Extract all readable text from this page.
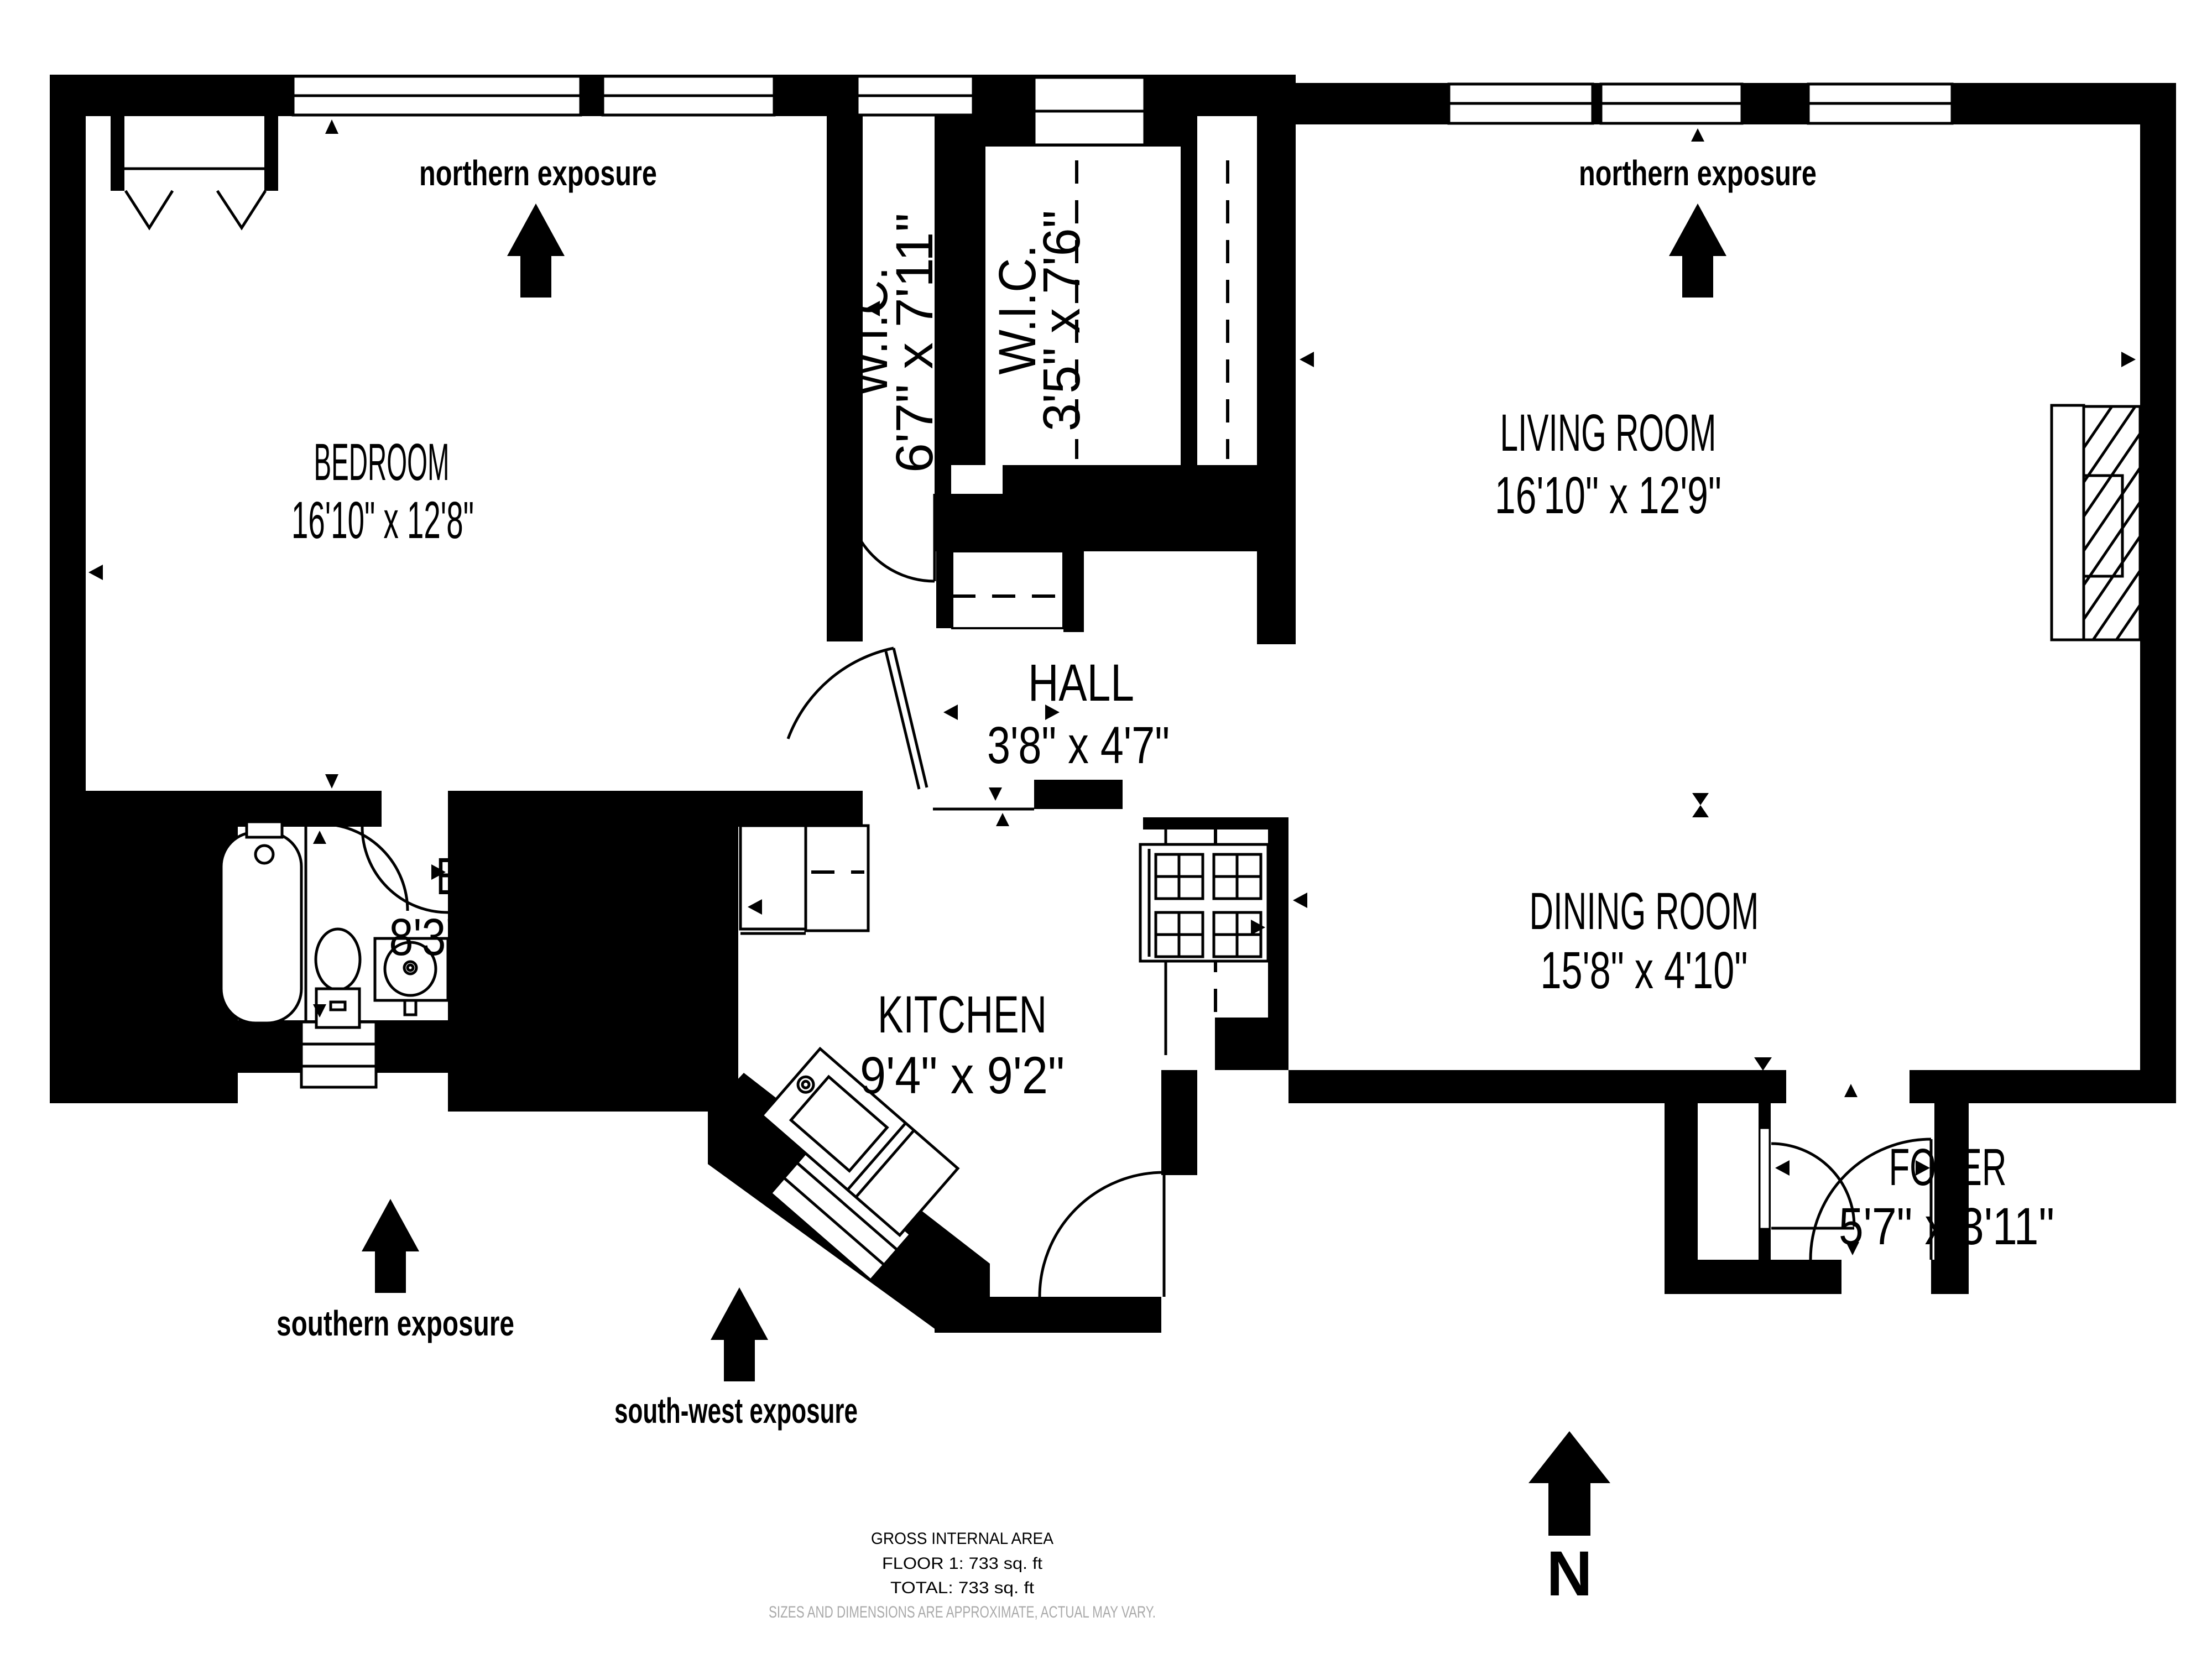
northern exposure	northern exposure
southern exposure
south-west exposure
BEDROOM
16'10" x 12'8"
W.I.C.
6'7" x 7'11" W.I.C.
3'5" x 7'6"
LIVING ROOM
16'10" x 12'9"
HALL
3'8" x 4'7"
BATH
8'3" x 5'4"
KITCHEN
9'4" x 9'2"
DINING ROOM
15'8" x 4'10"
FOYER
5'7" x 3'11"
N
GROSS INTERNAL AREA
FLOOR 1: 733 sq. ft
TOTAL: 733 sq. ft
SIZES AND DIMENSIONS ARE APPROXIMATE, ACTUAL MAY VARY.
